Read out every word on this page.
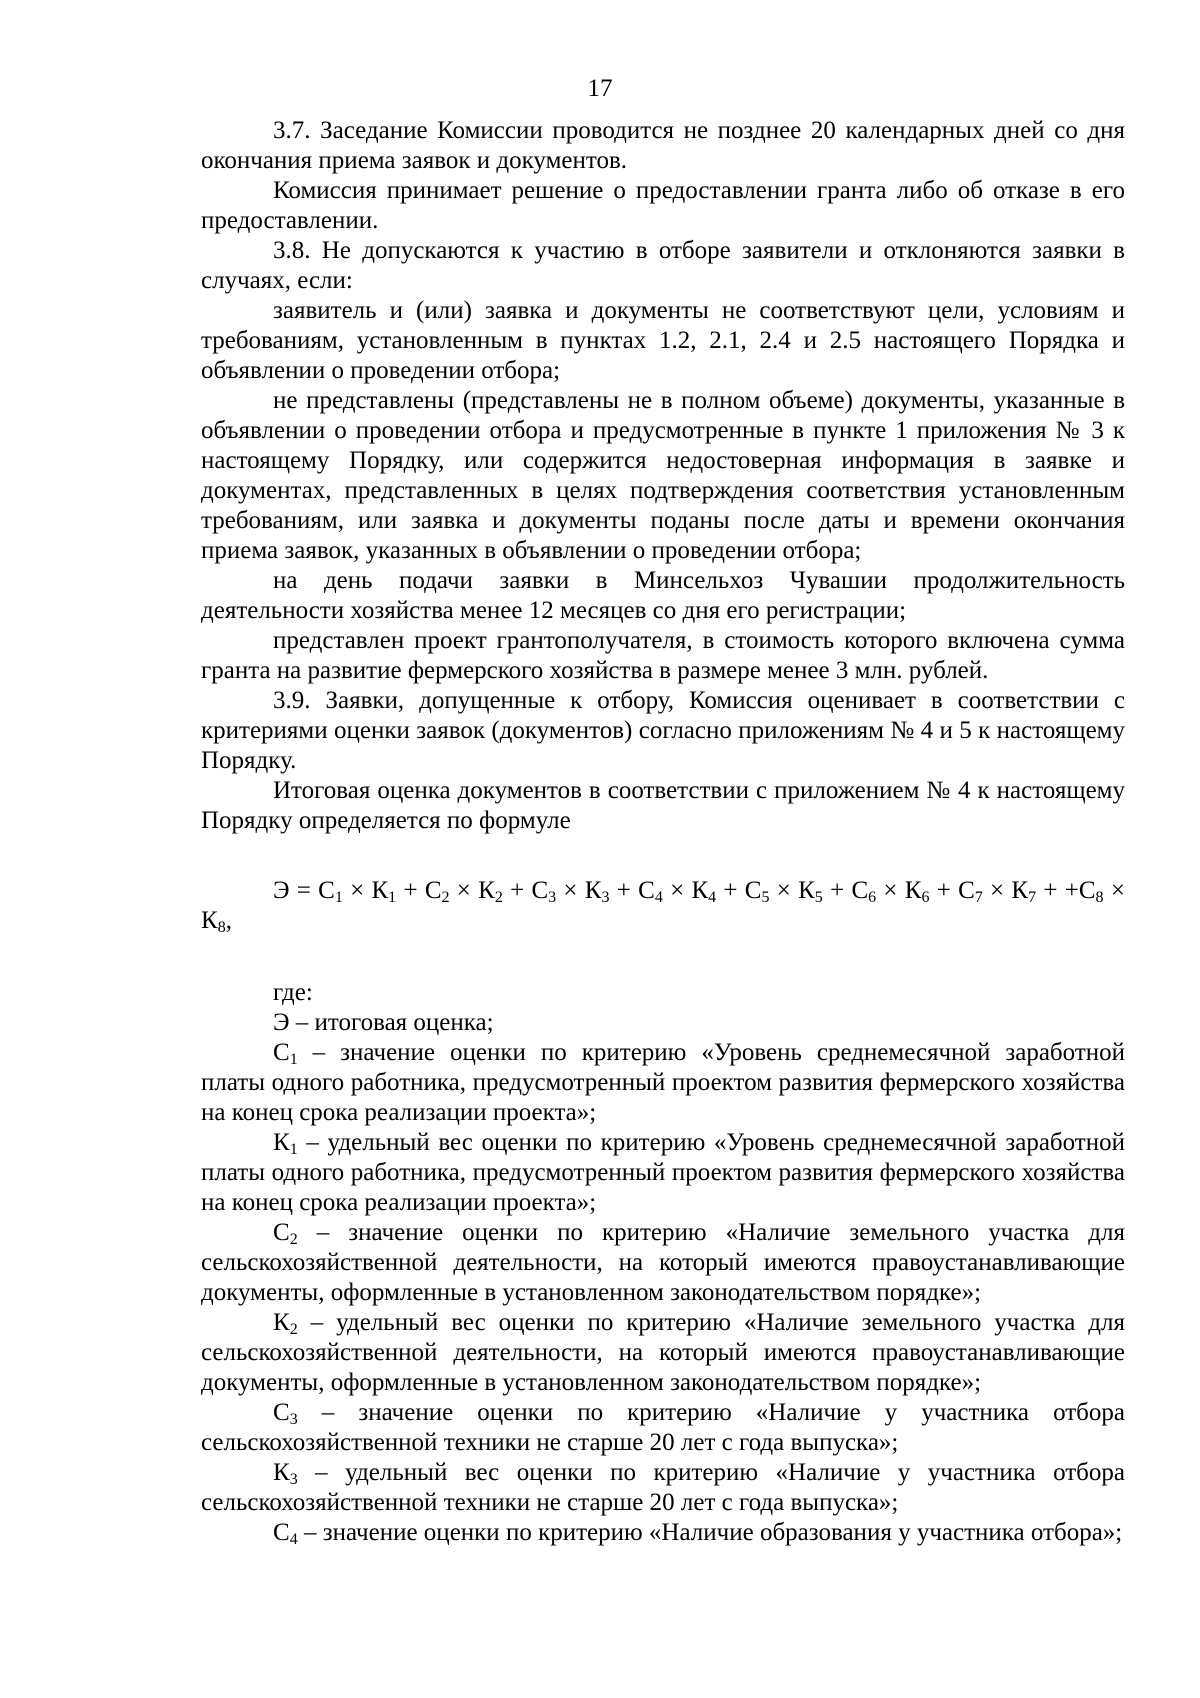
17

3.7. Заседание Комиссии проводится не позднее 20 календарных дней со дня окончания приема заявок и документов.

Комиссия принимает решение о предоставлении гранта либо об отказе в его предоставлении.

3.8. Не допускаются к участию в отборе заявители и отклоняются заявки в случаях, если:

заявитель и (или) заявка и документы не соответствуют цели, условиям и требованиям, установленным в пунктах 1.2, 2.1, 2.4 и 2.5 настоящего Порядка и объявлении о проведении отбора;

не представлены (представлены не в полном объеме) документы, указанные в объявлении о проведении отбора и предусмотренные в пункте 1 приложения № 3 к настоящему Порядку, или содержится недостоверная информация в заявке и документах, представленных в целях подтверждения соответствия установленным требованиям, или заявка и документы поданы после даты и времени окончания приема заявок, указанных в объявлении о проведении отбора;

на день подачи заявки в Минсельхоз Чувашии продолжительность деятельности хозяйства менее 12 месяцев со дня его регистрации;

представлен проект грантополучателя, в стоимость которого включена сумма гранта на развитие фермерского хозяйства в размере менее 3 млн. рублей.

3.9. Заявки, допущенные к отбору, Комиссия оценивает в соответствии с критериями оценки заявок (документов) согласно приложениям № 4 и 5 к настоящему Порядку.

Итоговая оценка документов в соответствии с приложением № 4 к настоящему Порядку определяется по формуле

$Э = С_1 \times К_1 + С_2 \times К_2 + С_3 \times К_3 + С_4 \times К_4 + С_5 \times К_5 + С_6 \times К_6 + С_7 \times К_7 + +С_8 \times К_8$,

где:

Э – итоговая оценка;

$С_1$ – значение оценки по критерию «Уровень среднемесячной заработной платы одного работника, предусмотренный проектом развития фермерского хозяйства на конец срока реализации проекта»;

$К_1$ – удельный вес оценки по критерию «Уровень среднемесячной заработной платы одного работника, предусмотренный проектом развития фермерского хозяйства на конец срока реализации проекта»;

$С_2$ – значение оценки по критерию «Наличие земельного участка для сельскохозяйственной деятельности, на который имеются правоустанавливающие документы, оформленные в установленном законодательством порядке»;

$К_2$ – удельный вес оценки по критерию «Наличие земельного участка для сельскохозяйственной деятельности, на который имеются правоустанавливающие документы, оформленные в установленном законодательством порядке»;

$С_3$ – значение оценки по критерию «Наличие у участника отбора сельскохозяйственной техники не старше 20 лет с года выпуска»;

$К_3$ – удельный вес оценки по критерию «Наличие у участника отбора сельскохозяйственной техники не старше 20 лет с года выпуска»;

$С_4$ – значение оценки по критерию «Наличие образования у участника отбора»;
